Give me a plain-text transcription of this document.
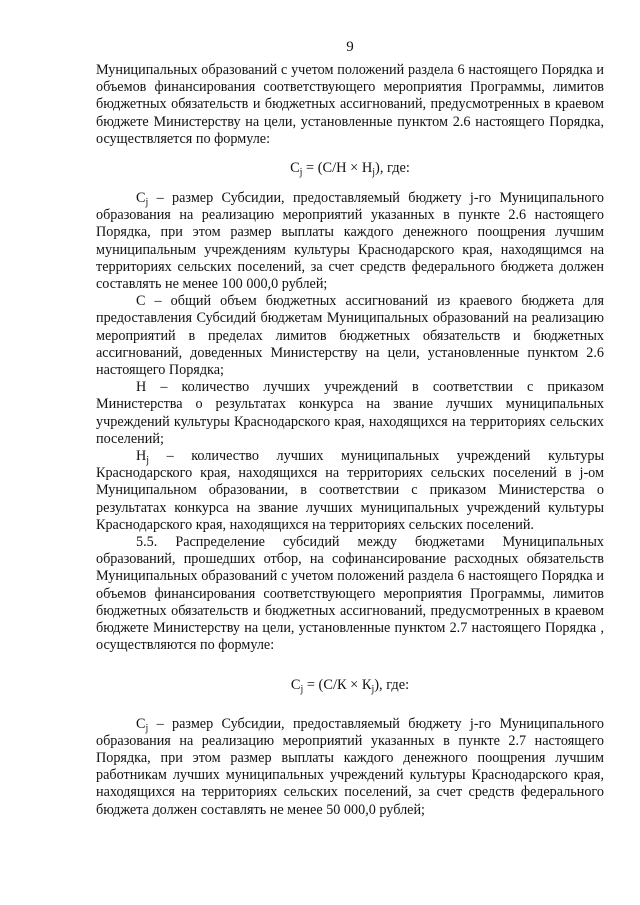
9

Муниципальных образований с учетом положений раздела 6 настоящего Порядка и объемов финансирования соответствующего мероприятия Программы, лимитов бюджетных обязательств и бюджетных ассигнований, предусмотренных в краевом бюджете Министерству на цели, установленные пунктом 2.6 настоящего Порядка, осуществляется по формуле:

$C_j = (С/Н \times Н_j)$, где:

$C_j$ – размер Субсидии, предоставляемый бюджету j-го Муниципального образования на реализацию мероприятий указанных в пункте 2.6 настоящего Порядка, при этом размер выплаты каждого денежного поощрения лучшим муниципальным учреждениям культуры Краснодарского края, находящимся на территориях сельских поселений, за счет средств федерального бюджета должен составлять не менее 100 000,0 рублей;

С – общий объем бюджетных ассигнований из краевого бюджета для предоставления Субсидий бюджетам Муниципальных образований на реализацию мероприятий в пределах лимитов бюджетных обязательств и бюджетных ассигнований, доведенных Министерству на цели, установленные пунктом 2.6 настоящего Порядка;

Н – количество лучших учреждений в соответствии с приказом Министерства о результатах конкурса на звание лучших муниципальных учреждений культуры Краснодарского края, находящихся на территориях сельских поселений;

$Н_j$ – количество лучших муниципальных учреждений культуры Краснодарского края, находящихся на территориях сельских поселений в j-ом Муниципальном образовании, в соответствии с приказом Министерства о результатах конкурса на звание лучших муниципальных учреждений культуры Краснодарского края, находящихся на территориях сельских поселений.

5.5. Распределение субсидий между бюджетами Муниципальных образований, прошедших отбор, на софинансирование расходных обязательств Муниципальных образований с учетом положений раздела 6 настоящего Порядка и объемов финансирования соответствующего мероприятия Программы, лимитов бюджетных обязательств и бюджетных ассигнований, предусмотренных в краевом бюджете Министерству на цели, установленные пунктом 2.7 настоящего Порядка , осуществляются по формуле:

$C_j = (С/К \times К_j)$, где:

$C_j$ – размер Субсидии, предоставляемый бюджету j-го Муниципального образования на реализацию мероприятий указанных в пункте 2.7 настоящего Порядка, при этом размер выплаты каждого денежного поощрения лучшим работникам лучших муниципальных учреждений культуры Краснодарского края, находящихся на территориях сельских поселений, за счет средств федерального бюджета должен составлять не менее 50 000,0 рублей;
